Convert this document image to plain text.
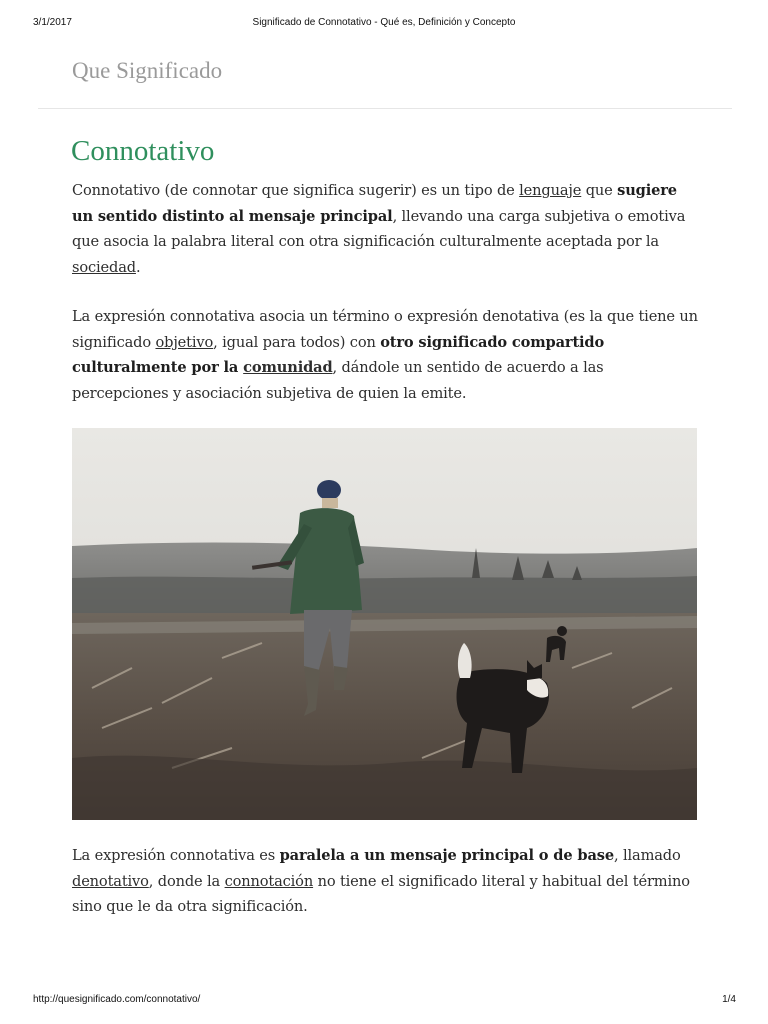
3/1/2017	Significado de Connotativo - Qué es, Definición y Concepto
Que Significado
Connotativo

Connotativo (de connotar que significa sugerir) es un tipo de lenguaje que sugiere un sentido distinto al mensaje principal, llevando una carga subjetiva o emotiva que asocia la palabra literal con otra significación culturalmente aceptada por la sociedad.

La expresión connotativa asocia un término o expresión denotativa (es la que tiene un significado objetivo, igual para todos) con otro significado compartido culturalmente por la comunidad, dándole un sentido de acuerdo a las percepciones y asociación subjetiva de quien la emite.

La expresión connotativa es paralela a un mensaje principal o de base, llamado denotativo, donde la connotación no tiene el significado literal y habitual del término sino que le da otra significación.

http://quesignificado.com/connotativo/	1/4
